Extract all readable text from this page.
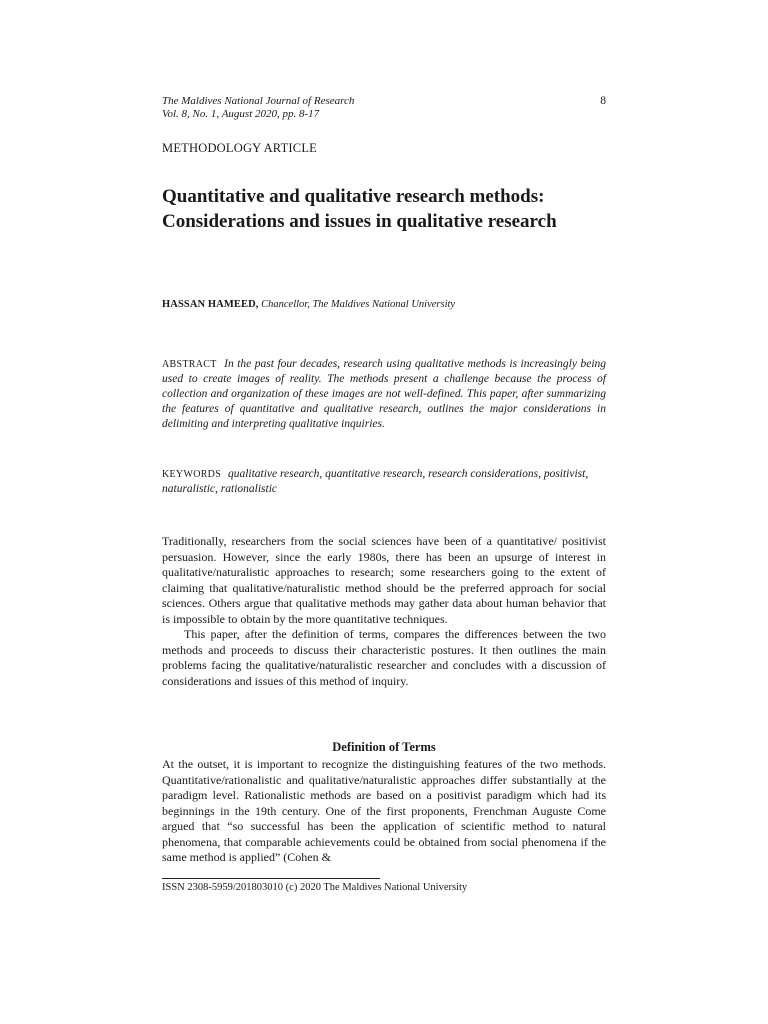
The Maldives National Journal of Research
Vol. 8, No. 1, August 2020, pp. 8-17
8
METHODOLOGY ARTICLE
Quantitative and qualitative research methods: Considerations and issues in qualitative research
HASSAN HAMEED, Chancellor, The Maldives National University
ABSTRACT In the past four decades, research using qualitative methods is increasingly being used to create images of reality. The methods present a challenge because the process of collection and organization of these images are not well-defined. This paper, after summarizing the features of quantitative and qualitative research, outlines the major considerations in delimiting and interpreting qualitative inquiries.
KEYWORDS qualitative research, quantitative research, research considerations, positivist, naturalistic, rationalistic

Traditionally, researchers from the social sciences have been of a quantitative/ positivist persuasion. However, since the early 1980s, there has been an upsurge of interest in qualitative/naturalistic approaches to research; some researchers going to the extent of claiming that qualitative/naturalistic method should be the preferred approach for social sciences. Others argue that qualitative methods may gather data about human behavior that is impossible to obtain by the more quantitative techniques.

This paper, after the definition of terms, compares the differences between the two methods and proceeds to discuss their characteristic postures. It then outlines the main problems facing the qualitative/naturalistic researcher and concludes with a discussion of considerations and issues of this method of inquiry.

Definition of Terms

At the outset, it is important to recognize the distinguishing features of the two methods. Quantitative/rationalistic and qualitative/naturalistic approaches differ substantially at the paradigm level. Rationalistic methods are based on a positivist paradigm which had its beginnings in the 19th century. One of the first proponents, Frenchman Auguste Come argued that “so successful has been the application of scientific method to natural phenomena, that comparable achievements could be obtained from social phenomena if the same method is applied” (Cohen &

ISSN 2308-5959/201803010 (c) 2020 The Maldives National University
